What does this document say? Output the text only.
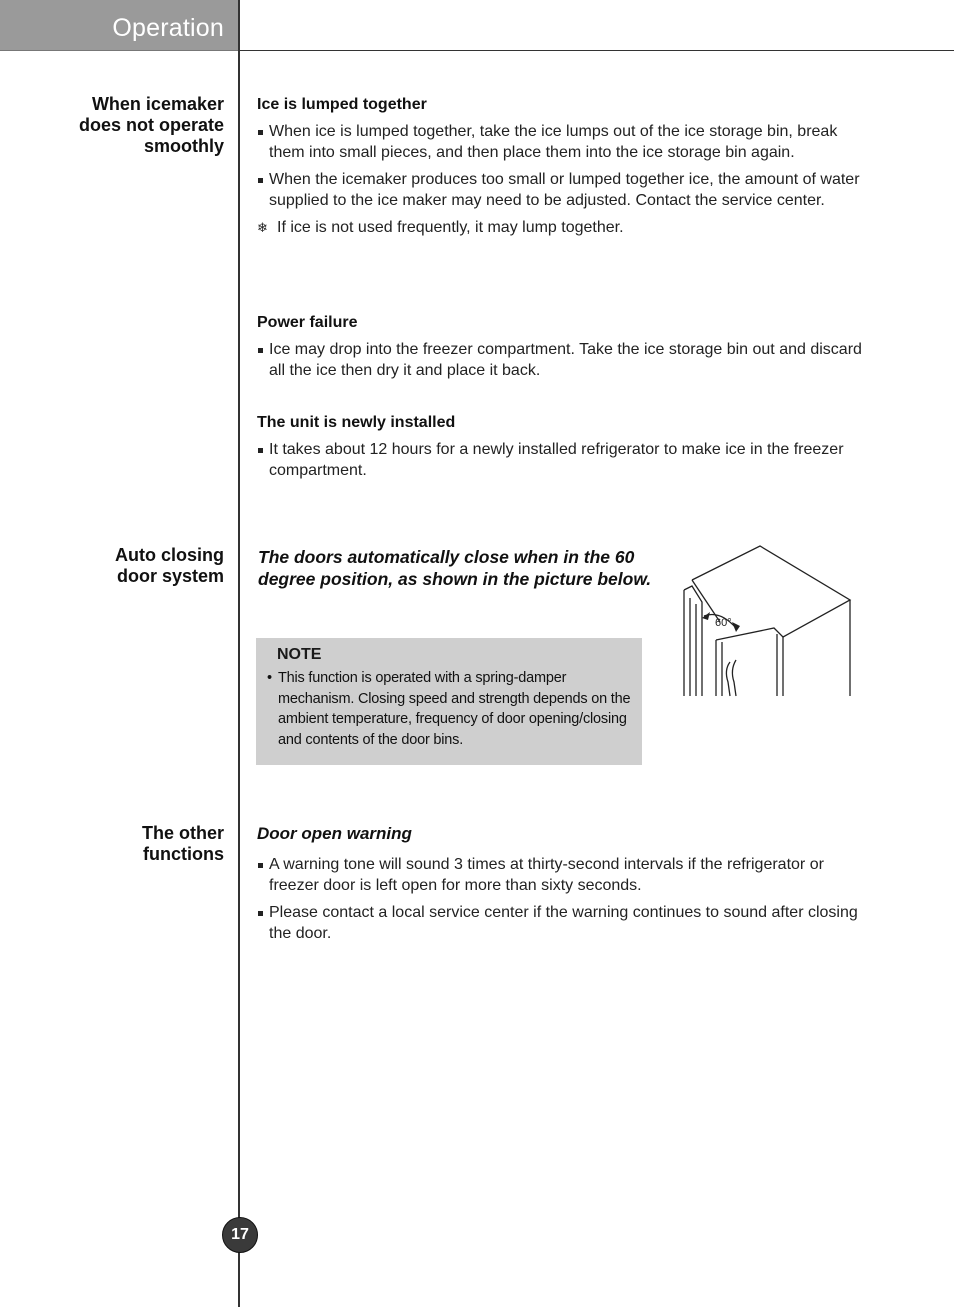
Operation
When icemaker
does not operate
smoothly
Ice is lumped together
When ice is lumped together, take the ice lumps out of the ice storage bin, break them into small pieces, and then place them into the ice storage bin again.
When the icemaker produces too small or lumped together ice, the amount of water supplied to the ice maker may need to be adjusted. Contact the service center.
❄ If ice is not used frequently, it may lump together.
Power failure
Ice may drop into the freezer compartment. Take the ice storage bin out and discard all the ice then dry it and place it back.
The unit is newly installed
It takes about 12 hours for a newly installed refrigerator to make ice in the freezer compartment.
Auto closing
door system
The doors automatically close when in the 60 degree position, as shown in the picture below.
NOTE
• This function is operated with a spring-damper mechanism. Closing speed and strength depends on the ambient temperature, frequency of door opening/closing and contents of the door bins.
60°
The other
functions
Door open warning
A warning tone will sound 3 times at thirty-second intervals if the refrigerator or freezer door is left open for more than sixty seconds.
Please contact a local service center if the warning continues to sound after closing the door.
17
